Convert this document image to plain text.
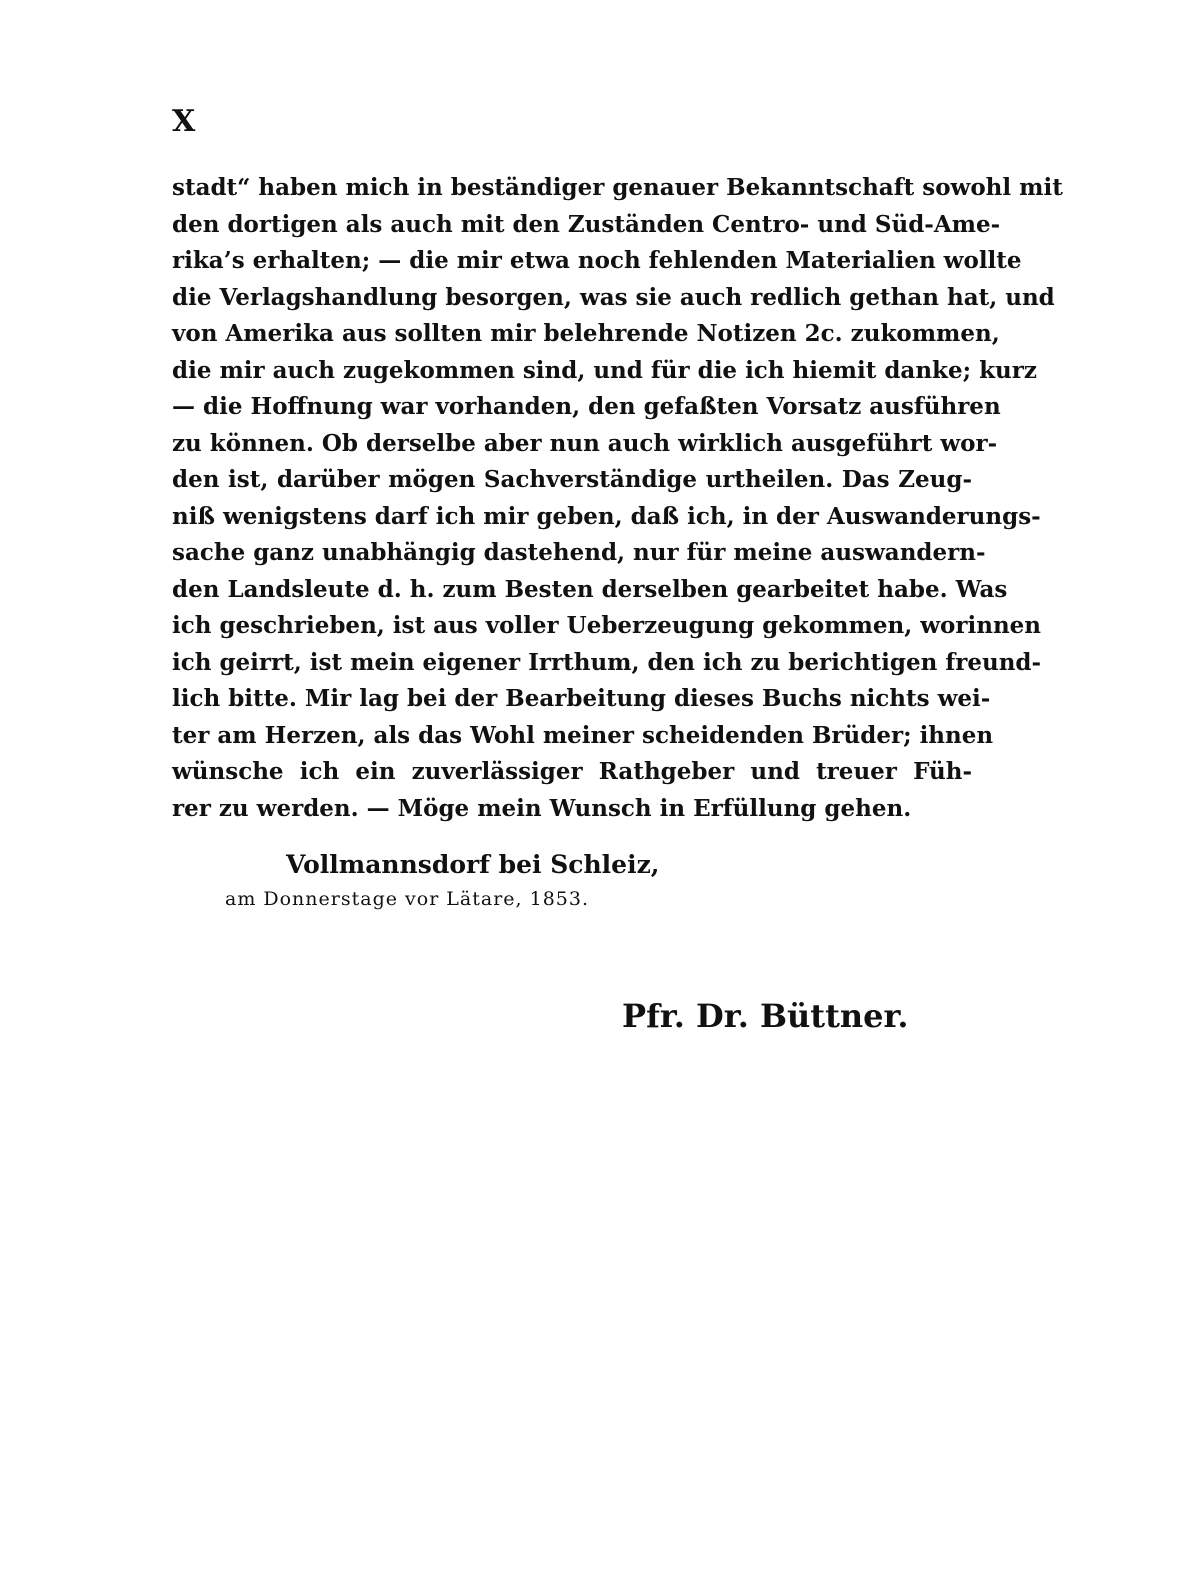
X
stadt“ haben mich in beständiger genauer Bekanntschaft sowohl mit
den dortigen als auch mit den Zuständen Centro- und Süd-Ame-
rika’s erhalten; — die mir etwa noch fehlenden Materialien wollte
die Verlagshandlung besorgen, was sie auch redlich gethan hat, und
von Amerika aus sollten mir belehrende Notizen 2c. zukommen,
die mir auch zugekommen sind, und für die ich hiemit danke; kurz
— die Hoffnung war vorhanden, den gefaßten Vorsatz ausführen
zu können. Ob derselbe aber nun auch wirklich ausgeführt wor-
den ist, darüber mögen Sachverständige urtheilen. Das Zeug-
niß wenigstens darf ich mir geben, daß ich, in der Auswanderungs-
sache ganz unabhängig dastehend, nur für meine auswandern-
den Landsleute d. h. zum Besten derselben gearbeitet habe. Was
ich geschrieben, ist aus voller Ueberzeugung gekommen, worinnen
ich geirrt, ist mein eigener Irrthum, den ich zu berichtigen freund-
lich bitte. Mir lag bei der Bearbeitung dieses Buchs nichts wei-
ter am Herzen, als das Wohl meiner scheidenden Brüder; ihnen
wünsche ich ein zuverlässiger Rathgeber und treuer Füh-
rer zu werden. — Möge mein Wunsch in Erfüllung gehen.
Vollmannsdorf bei Schleiz,
am Donnerstage vor Lätare, 1853.
Pfr. Dr. Büttner.
